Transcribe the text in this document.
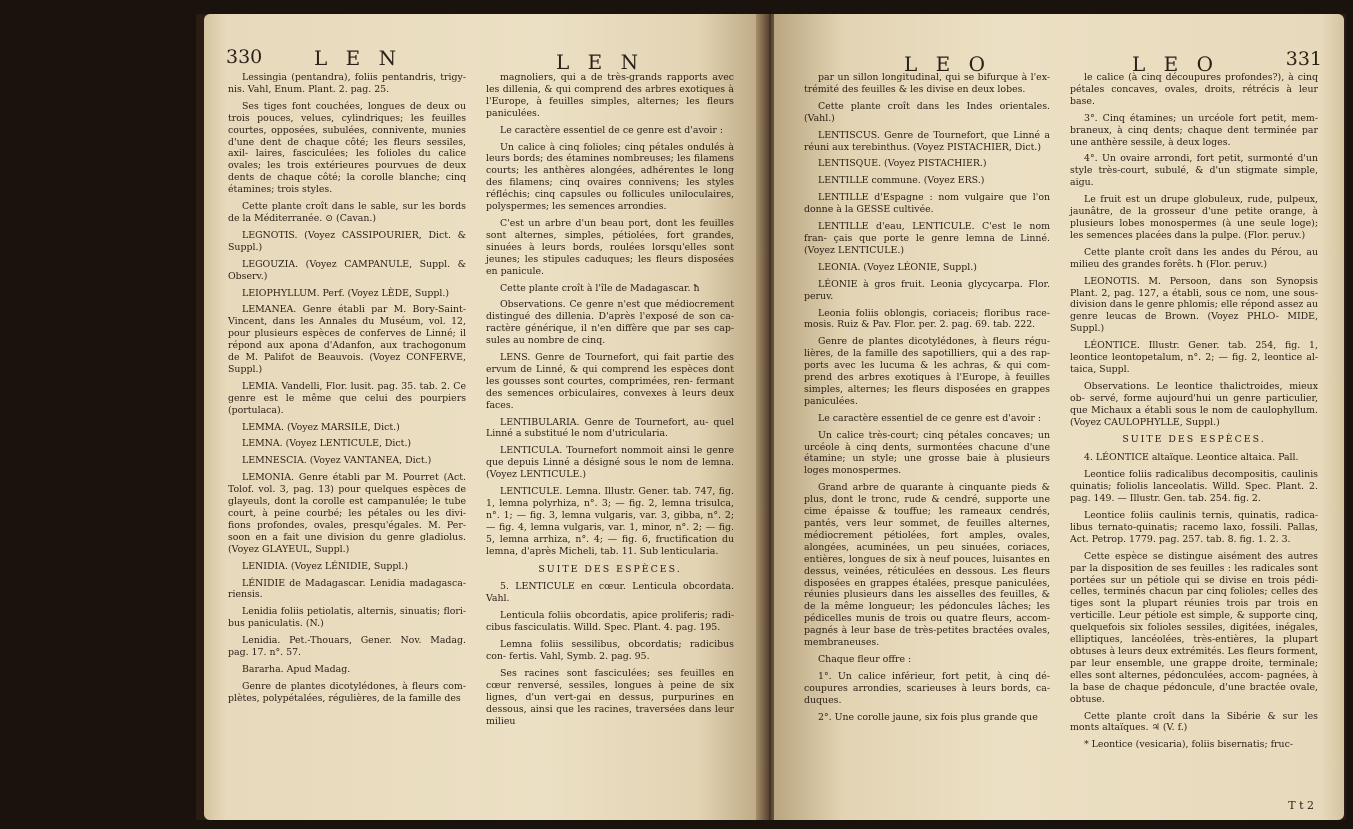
330	L E N	L E N

Lessingia (pentandra), foliis pentandris, trigy- nis. Vahl, Enum. Plant. 2. pag. 25.

Ses tiges font couchées, longues de deux ou trois pouces, velues, cylindriques; les feuilles courtes, opposées, subulées, connivente, munies d'une dent de chaque côté; les fleurs sessiles, axil- laires, fasciculées; les folioles du calice ovales; les trois extérieures pourvues de deux dents de chaque côté; la corolle blanche; cinq étamines; trois styles.

Cette plante croît dans le sable, sur les bords de la Méditerranée. ⊙ (Cavan.)

LEGNOTIS. (Voyez CASSIPOURIER, Dict. & Suppl.)

LEGOUZIA. (Voyez CAMPANULE, Suppl. & Observ.)

LEIOPHYLLUM. Perf. (Voyez LÈDE, Suppl.)

LEMANEA. Genre établi par M. Bory-Saint- Vincent, dans les Annales du Muséum, vol. 12, pour plusieurs espèces de conferves de Linné; il répond aux apona d'Adanfon, aux trachogonum de M. Palifot de Beauvois. (Voyez CONFERVE, Suppl.)

LEMIA. Vandelli, Flor. lusit. pag. 35. tab. 2. Ce genre est le même que celui des pourpiers (portulaca).

LEMMA. (Voyez MARSILE, Dict.)

LEMNA. (Voyez LENTICULE, Dict.)

LEMNESCIA. (Voyez VANTANEA, Dict.)

LEMONIA. Genre établi par M. Pourret (Act. Tolof. vol. 3, pag. 13) pour quelques espèces de glayeuls, dont la corolle est campanulée; le tube court, à peine courbé; les pétales ou les divi- fions profondes, ovales, presqu'égales. M. Per- soon en a fait une division du genre gladiolus. (Voyez GLAYEUL, Suppl.)

LENIDIA. (Voyez LÉNIDIE, Suppl.)

LÉNIDIE de Madagascar. Lenidia madagasca- riensis.

Lenidia foliis petiolatis, alternis, sinuatis; flori- bus paniculatis. (N.)

Lenidia. Pet.-Thouars, Gener. Nov. Madag. pag. 17. n°. 57.

Bararha. Apud Madag.

Genre de plantes dicotylédones, à fleurs com- plètes, polypétalées, régulières, de la famille des

magnoliers, qui a de très-grands rapports avec les dillenia, & qui comprend des arbres exotiques à l'Europe, à feuilles simples, alternes; les fleurs paniculées.

Le caractère essentiel de ce genre est d'avoir :

Un calice à cinq folioles; cinq pétales ondulés à leurs bords; des étamines nombreuses; les filamens courts; les anthères alongées, adhérentes le long des filamens; cinq ovaires connivens; les styles réfléchis; cinq capsules ou follicules uniloculaires, polyspermes; les semences arrondies.

C'est un arbre d'un beau port, dont les feuilles sont alternes, simples, pétiolées, fort grandes, sinuées à leurs bords, roulées lorsqu'elles sont jeunes; les stipules caduques; les fleurs disposées en panicule.

Cette plante croît à l'île de Madagascar. ħ

Observations. Ce genre n'est que médiocrement distingué des dillenia. D'après l'exposé de son ca- ractère générique, il n'en diffère que par ses cap- sules au nombre de cinq.

LENS. Genre de Tournefort, qui fait partie des ervum de Linné, & qui comprend les espèces dont les gousses sont courtes, comprimées, ren- fermant des semences orbiculaires, convexes à leurs deux faces.

LENTIBULARIA. Genre de Tournefort, au- quel Linné a substitué le nom d'utricularia.

LENTICULA. Tournefort nommoit ainsi le genre que depuis Linné a désigné sous le nom de lemna. (Voyez LENTICULE.)

LENTICULE. Lemna. Illustr. Gener. tab. 747, fig. 1, lemna polyrhiza, n°. 3; — fig. 2, lemna trisulca, n°. 1; — fig. 3, lemna vulgaris, var. 3, gibba, n°. 2; — fig. 4, lemna vulgaris, var. 1, minor, n°. 2; — fig. 5, lemna arrhiza, n°. 4; — fig. 6, fructification du lemna, d'après Micheli, tab. 11. Sub lenticularia.

SUITE DES ESPÈCES.

5. LENTICULE en cœur. Lenticula obcordata. Vahl.

Lenticula foliis obcordatis, apice proliferis; radi- cibus fasciculatis. Willd. Spec. Plant. 4. pag. 195.

Lemna foliis sessilibus, obcordatis; radicibus con- fertis. Vahl, Symb. 2. pag. 95.

Ses racines sont fasciculées; ses feuilles en cœur renversé, sessiles, longues à peine de six lignes, d'un vert-gai en dessus, purpurines en dessous, ainsi que les racines, traversées dans leur milieu

L E O	L E O	331

par un sillon longitudinal, qui se bifurque à l'ex- trémité des feuilles & les divise en deux lobes.

Cette plante croît dans les Indes orientales. (Vahl.)

LENTISCUS. Genre de Tournefort, que Linné a réuni aux terebinthus. (Voyez PISTACHIER, Dict.)

LENTISQUE. (Voyez PISTACHIER.)

LENTILLE commune. (Voyez ERS.)

LENTILLE d'Espagne : nom vulgaire que l'on donne à la GESSE cultivée.

LENTILLE d'eau, LENTICULE. C'est le nom fran- çais que porte le genre lemna de Linné. (Voyez LENTICULE.)

LEONIA. (Voyez LÉONIE, Suppl.)

LÉONIE à gros fruit. Leonia glycycarpa. Flor. peruv.

Leonia foliis oblongis, coriaceis; floribus race- mosis. Ruiz & Pav. Flor. per. 2. pag. 69. tab. 222.

Genre de plantes dicotylédones, à fleurs régu- lières, de la famille des sapotilliers, qui a des rap- ports avec les lucuma & les achras, & qui com- prend des arbres exotiques à l'Europe, à feuilles simples, alternes; les fleurs disposées en grappes paniculées.

Le caractère essentiel de ce genre est d'avoir :

Un calice très-court; cinq pétales concaves; un urcéole à cinq dents, surmontées chacune d'une étamine; un style; une grosse baie à plusieurs loges monospermes.

Grand arbre de quarante à cinquante pieds & plus, dont le tronc, rude & cendré, supporte une cime épaisse & touffue; les rameaux cendrés, pantés, vers leur sommet, de feuilles alternes, médiocrement pétiolées, fort amples, ovales, alongées, acuminées, un peu sinuées, coriaces, entières, longues de six à neuf pouces, luisantes en dessus, veinées, réticulées en dessous. Les fleurs disposées en grappes étalées, presque paniculées, réunies plusieurs dans les aisselles des feuilles, & de la même longueur; les pédoncules lâches; les pédicelles munis de trois ou quatre fleurs, accom- pagnés à leur base de très-petites bractées ovales, membraneuses.

Chaque fleur offre :

1°. Un calice inférieur, fort petit, à cinq dé- coupures arrondies, scarieuses à leurs bords, ca- duques.

2°. Une corolle jaune, six fois plus grande que

le calice (à cinq découpures profondes?), à cinq pétales concaves, ovales, droits, rétrécis à leur base.

3°. Cinq étamines; un urcéole fort petit, mem- braneux, à cinq dents; chaque dent terminée par une anthère sessile, à deux loges.

4°. Un ovaire arrondi, fort petit, surmonté d'un style très-court, subulé, & d'un stigmate simple, aigu.

Le fruit est un drupe globuleux, rude, pulpeux, jaunâtre, de la grosseur d'une petite orange, à plusieurs lobes monospermes (à une seule loge); les semences placées dans la pulpe. (Flor. peruv.)

Cette plante croît dans les andes du Pérou, au milieu des grandes forêts. ħ (Flor. peruv.)

LEONOTIS. M. Persoon, dans son Synopsis Plant. 2, pag. 127, a établi, sous ce nom, une sous-division dans le genre phlomis; elle répond assez au genre leucas de Brown. (Voyez PHLO- MIDE, Suppl.)

LÉONTICE. Illustr. Gener. tab. 254, fig. 1, leontice leontopetalum, n°. 2; — fig. 2, leontice al- taica, Suppl.

Observations. Le leontice thalictroides, mieux ob- servé, forme aujourd'hui un genre particulier, que Michaux a établi sous le nom de caulophyllum. (Voyez CAULOPHYLLE, Suppl.)

SUITE DES ESPÈCES.

4. LÉONTICE altaïque. Leontice altaica. Pall.

Leontice foliis radicalibus decompositis, caulinis quinatis; foliolis lanceolatis. Willd. Spec. Plant. 2. pag. 149. — Illustr. Gen. tab. 254. fig. 2.

Leontice foliis caulinis ternis, quinatis, radica- libus ternato-quinatis; racemo laxo, fossili. Pallas, Act. Petrop. 1779. pag. 257. tab. 8. fig. 1. 2. 3.

Cette espèce se distingue aisément des autres par la disposition de ses feuilles : les radicales sont portées sur un pétiole qui se divise en trois pédi- celles, terminés chacun par cinq folioles; celles des tiges sont la plupart réunies trois par trois en verticille. Leur pétiole est simple, & supporte cinq, quelquefois six folioles sessiles, digitées, inégales, elliptiques, lancéolées, très-entières, la plupart obtuses à leurs deux extrémités. Les fleurs forment, par leur ensemble, une grappe droite, terminale; elles sont alternes, pédonculées, accom- pagnées, à la base de chaque pédoncule, d'une bractée ovale, obtuse.

Cette plante croît dans la Sibérie & sur les monts altaïques. ♃ (V. f.)

* Leontice (vesicaria), foliis bisernatis; fruc-

T t 2
